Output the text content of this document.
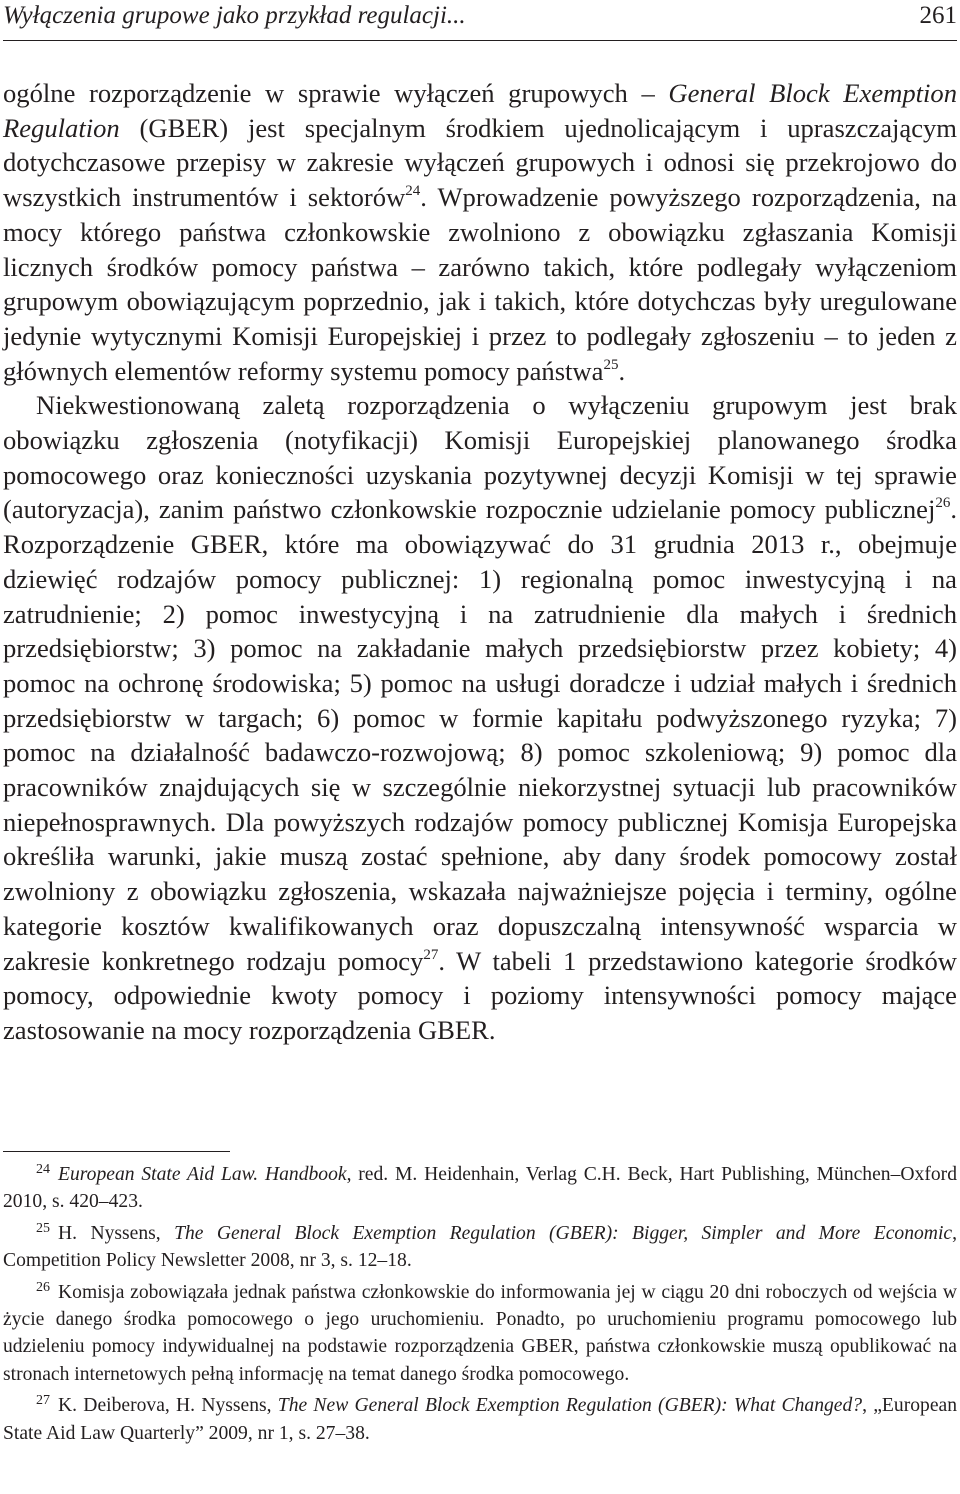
Wyłączenia grupowe jako przykład regulacji...	261

ogólne rozporządzenie w sprawie wyłączeń grupowych – General Block Exemption Regulation (GBER) jest specjalnym środkiem ujednolicającym i upraszczającym dotychczasowe przepisy w zakresie wyłączeń grupowych i odnosi się przekrojowo do wszystkich instrumentów i sektorów$^{24}$. Wprowadzenie powyższego rozporządzenia, na mocy którego państwa członkowskie zwolniono z obowiązku zgłaszania Komisji licznych środków pomocy państwa – zarówno takich, które podlegały wyłączeniom grupowym obowiązującym poprzednio, jak i takich, które dotychczas były uregulowane jedynie wytycznymi Komisji Europejskiej i przez to podlegały zgłoszeniu – to jeden z głównych elementów reformy systemu pomocy państwa$^{25}$.

Niekwestionowaną zaletą rozporządzenia o wyłączeniu grupowym jest brak obowiązku zgłoszenia (notyfikacji) Komisji Europejskiej planowanego środka pomocowego oraz konieczności uzyskania pozytywnej decyzji Komisji w tej sprawie (autoryzacja), zanim państwo członkowskie rozpocznie udzielanie pomocy publicznej$^{26}$. Rozporządzenie GBER, które ma obowiązywać do 31 grudnia 2013 r., obejmuje dziewięć rodzajów pomocy publicznej: 1) regionalną pomoc inwestycyjną i na zatrudnienie; 2) pomoc inwestycyjną i na zatrudnienie dla małych i średnich przedsiębiorstw; 3) pomoc na zakładanie małych przedsiębiorstw przez kobiety; 4) pomoc na ochronę środowiska; 5) pomoc na usługi doradcze i udział małych i średnich przedsiębiorstw w targach; 6) pomoc w formie kapitału podwyższonego ryzyka; 7) pomoc na działalność badawczo-rozwojową; 8) pomoc szkoleniową; 9) pomoc dla pracowników znajdujących się w szczególnie niekorzystnej sytuacji lub pracowników niepełnosprawnych. Dla powyższych rodzajów pomocy publicznej Komisja Europejska określiła warunki, jakie muszą zostać spełnione, aby dany środek pomocowy został zwolniony z obowiązku zgłoszenia, wskazała najważniejsze pojęcia i terminy, ogólne kategorie kosztów kwalifikowanych oraz dopuszczalną intensywność wsparcia w zakresie konkretnego rodzaju pomocy$^{27}$. W tabeli 1 przedstawiono kategorie środków pomocy, odpowiednie kwoty pomocy i poziomy intensywności pomocy mające zastosowanie na mocy rozporządzenia GBER.

$^{24}$ European State Aid Law. Handbook, red. M. Heidenhain, Verlag C.H. Beck, Hart Publishing, München–Oxford 2010, s. 420–423.

$^{25}$ H. Nyssens, The General Block Exemption Regulation (GBER): Bigger, Simpler and More Economic, Competition Policy Newsletter 2008, nr 3, s. 12–18.

$^{26}$ Komisja zobowiązała jednak państwa członkowskie do informowania jej w ciągu 20 dni roboczych od wejścia w życie danego środka pomocowego o jego uruchomieniu. Ponadto, po uruchomieniu programu pomocowego lub udzieleniu pomocy indywidualnej na podstawie rozporządzenia GBER, państwa członkowskie muszą opublikować na stronach internetowych pełną informację na temat danego środka pomocowego.

$^{27}$ K. Deiberova, H. Nyssens, The New General Block Exemption Regulation (GBER): What Changed?, „European State Aid Law Quarterly” 2009, nr 1, s. 27–38.
